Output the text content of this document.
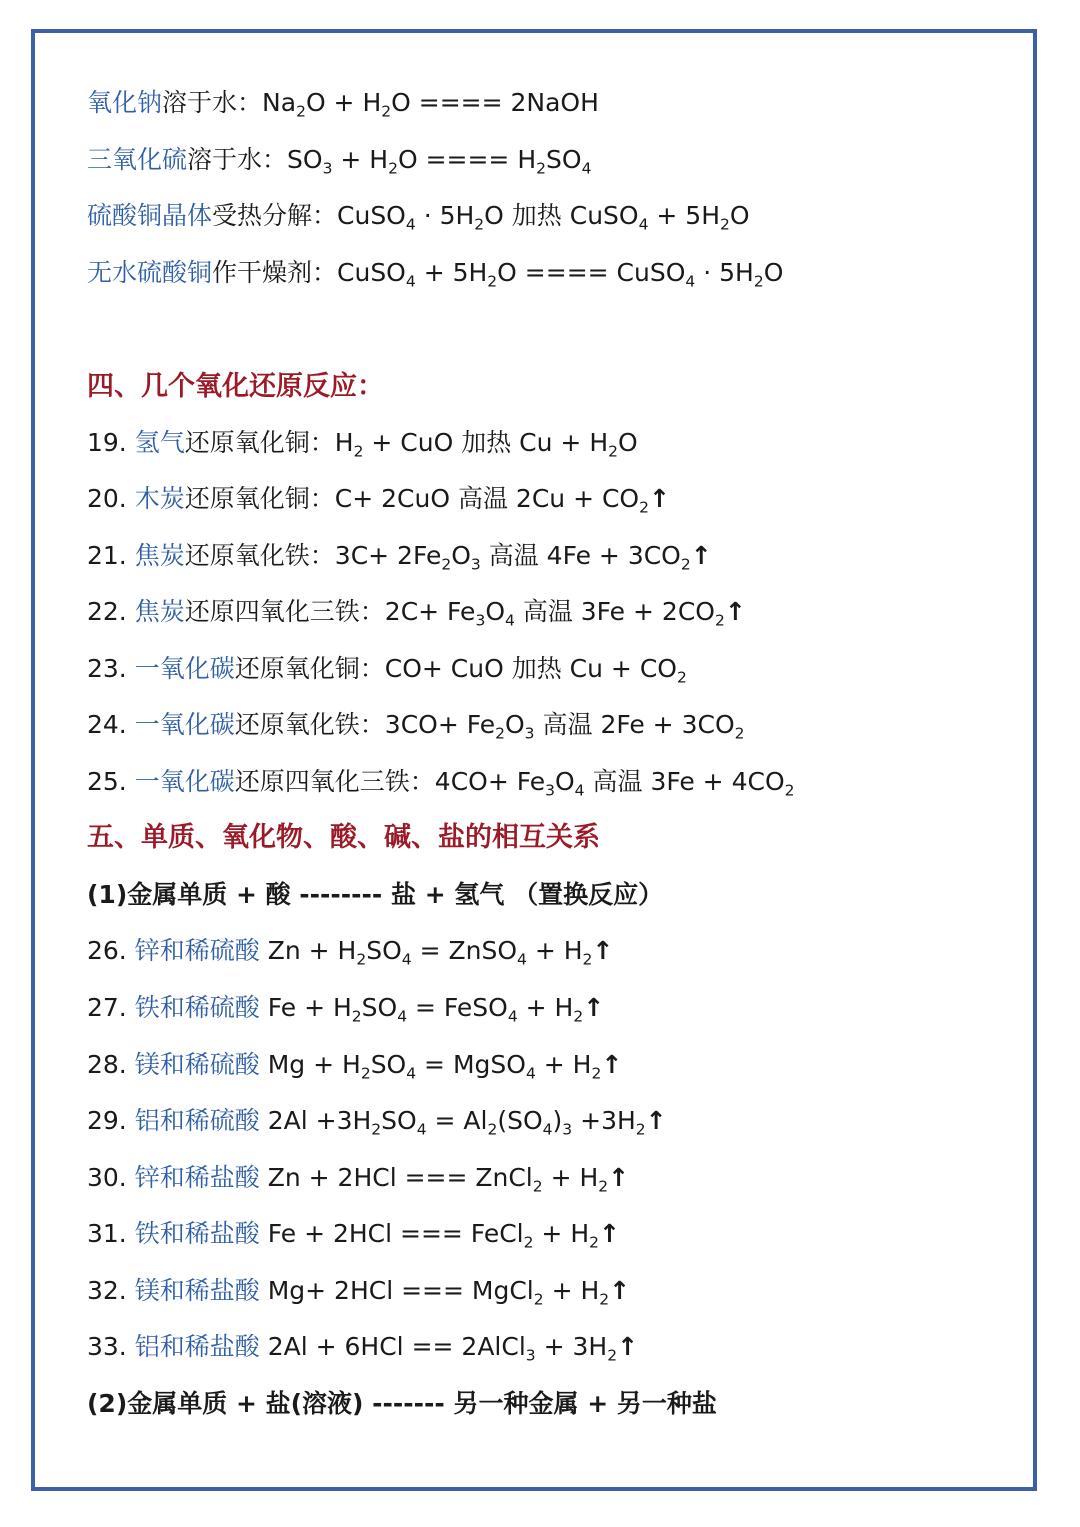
氧化钠溶于水：$Na_2O + H_2O$ ==== 2NaOH
三氧化硫溶于水：$SO_3 + H_2O$ ==== $H_2SO_4$
硫酸铜晶体受热分解：CuSO$_4$ · $5H_2O$ 加热 CuSO$_4$ + $5H_2O$
无水硫酸铜作干燥剂：CuSO$_4$ + $5H_2O$ ==== CuSO$_4$ · $5H_2O$
四、几个氧化还原反应：
19. 氢气还原氧化铜：$H_2$ + CuO 加热 $Cu + H_2O$
20. 木炭还原氧化铜：C+ 2CuO 高温 $2Cu + CO_2↑$
21. 焦炭还原氧化铁：$3C+ 2Fe_2O_3$ 高温 $4Fe + 3CO_2↑$
22. 焦炭还原四氧化三铁：$2C+ Fe_3O_4$ 高温 $3Fe + 2CO_2↑$
23. 一氧化碳还原氧化铜：CO+ CuO 加热 $Cu + CO_2$
24. 一氧化碳还原氧化铁：$3CO+ Fe_2O_3$ 高温 $2Fe + 3CO_2$
25. 一氧化碳还原四氧化三铁：$4CO+ Fe_3O_4$ 高温 $3Fe + 4CO_2$
五、单质、氧化物、酸、碱、盐的相互关系
(1)金属单质 + 酸 -------- 盐 + 氢气 （置换反应）
26. 锌和稀硫酸 $Zn + H_2SO_4$ = ZnSO$_4$ + $H_2↑$
27. 铁和稀硫酸 $Fe + H_2SO_4$ = FeSO$_4$ + $H_2↑$
28. 镁和稀硫酸 $Mg + H_2SO_4$ = MgSO$_4$ + $H_2↑$
29. 铝和稀硫酸 $2Al +3H_2SO_4 = Al_2(SO_4)_3$ $+3H_2↑$
30. 锌和稀盐酸 Zn + 2HCl === ZnCl$_2$ + $H_2↑$
31. 铁和稀盐酸 Fe + 2HCl === FeCl$_2$ + $H_2↑$
32. 镁和稀盐酸 Mg+ 2HCl === MgCl$_2$ + $H_2↑$
33. 铝和稀盐酸 2Al + 6HCl == 2AlCl$_3$ + $3H_2↑$
(2)金属单质 + 盐(溶液) ------- 另一种金属 + 另一种盐
